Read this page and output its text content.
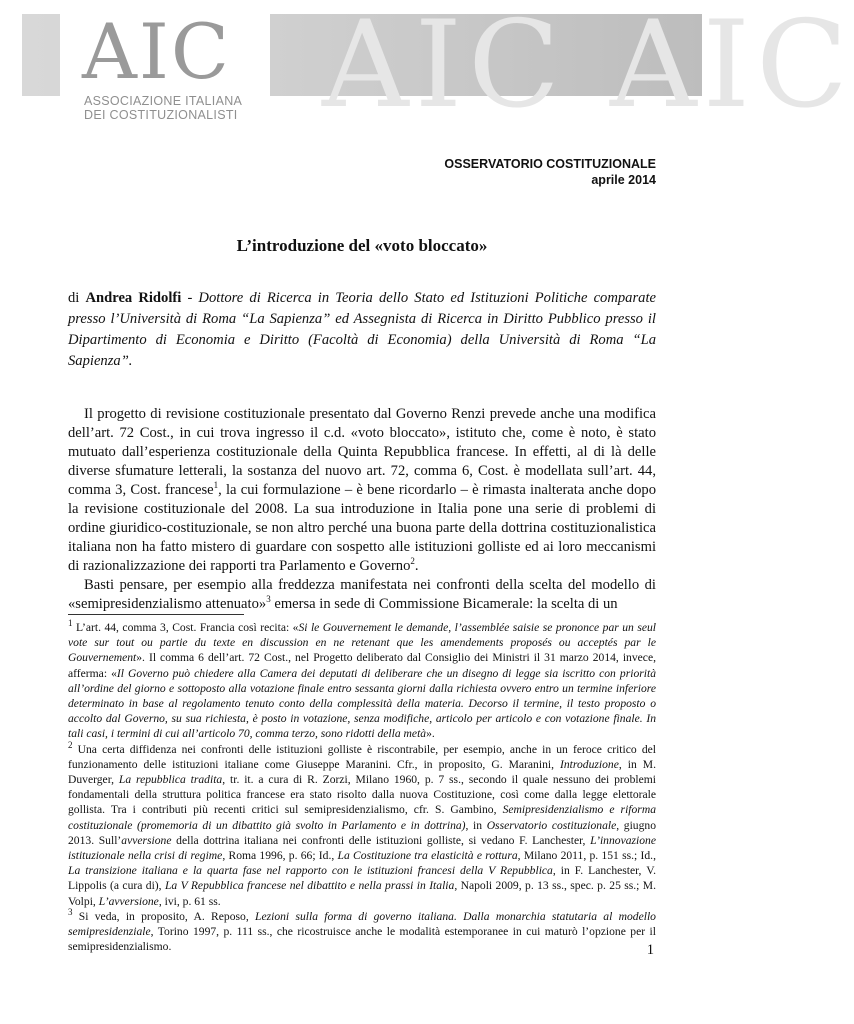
AIC AIC
AIC
ASSOCIAZIONE ITALIANA
DEI COSTITUZIONALISTI
OSSERVATORIO COSTITUZIONALE
aprile 2014
L’introduzione del «voto bloccato»
di Andrea Ridolfi - Dottore di Ricerca in Teoria dello Stato ed Istituzioni Politiche comparate presso l’Università di Roma “La Sapienza” ed Assegnista di Ricerca in Diritto Pubblico presso il Dipartimento di Economia e Diritto (Facoltà di Economia) della Università di Roma “La Sapienza”.

Il progetto di revisione costituzionale presentato dal Governo Renzi prevede anche una modifica dell’art. 72 Cost., in cui trova ingresso il c.d. «voto bloccato», istituto che, come è noto, è stato mutuato dall’esperienza costituzionale della Quinta Repubblica francese. In effetti, al di là delle diverse sfumature letterali, la sostanza del nuovo art. 72, comma 6, Cost. è modellata sull’art. 44, comma 3, Cost. francese$^1$, la cui formulazione – è bene ricordarlo – è rimasta inalterata anche dopo la revisione costituzionale del 2008. La sua introduzione in Italia pone una serie di problemi di ordine giuridico-costituzionale, se non altro perché una buona parte della dottrina costituzionalistica italiana non ha fatto mistero di guardare con sospetto alle istituzioni golliste ed ai loro meccanismi di razionalizzazione dei rapporti tra Parlamento e Governo$^2$.

Basti pensare, per esempio alla freddezza manifestata nei confronti della scelta del modello di «semipresidenzialismo attenuato»$^3$ emersa in sede di Commissione Bicamerale: la scelta di un

$^1$ L’art. 44, comma 3, Cost. Francia così recita: «Si le Gouvernement le demande, l’assemblée saisie se prononce par un seul vote sur tout ou partie du texte en discussion en ne retenant que les amendements proposés ou acceptés par le Gouvernement». Il comma 6 dell’art. 72 Cost., nel Progetto deliberato dal Consiglio dei Ministri il 31 marzo 2014, invece, afferma: «Il Governo può chiedere alla Camera dei deputati di deliberare che un disegno di legge sia iscritto con priorità all’ordine del giorno e sottoposto alla votazione finale entro sessanta giorni dalla richiesta ovvero entro un termine inferiore determinato in base al regolamento tenuto conto della complessità della materia. Decorso il termine, il testo proposto o accolto dal Governo, su sua richiesta, è posto in votazione, senza modifiche, articolo per articolo e con votazione finale. In tali casi, i termini di cui all’articolo 70, comma terzo, sono ridotti della metà».

$^2$ Una certa diffidenza nei confronti delle istituzioni golliste è riscontrabile, per esempio, anche in un feroce critico del funzionamento delle istituzioni italiane come Giuseppe Maranini. Cfr., in proposito, G. Maranini, Introduzione, in M. Duverger, La repubblica tradita, tr. it. a cura di R. Zorzi, Milano 1960, p. 7 ss., secondo il quale nessuno dei problemi fondamentali della struttura politica francese era stato risolto dalla nuova Costituzione, così come dalla legge elettorale gollista. Tra i contributi più recenti critici sul semipresidenzialismo, cfr. S. Gambino, Semipresidenzialismo e riforma costituzionale (promemoria di un dibattito già svolto in Parlamento e in dottrina), in Osservatorio costituzionale, giugno 2013. Sull’avversione della dottrina italiana nei confronti delle istituzioni golliste, si vedano F. Lanchester, L’innovazione istituzionale nella crisi di regime, Roma 1996, p. 66; Id., La Costituzione tra elasticità e rottura, Milano 2011, p. 151 ss.; Id., La transizione italiana e la quarta fase nel rapporto con le istituzioni francesi della V Repubblica, in F. Lanchester, V. Lippolis (a cura di), La V Repubblica francese nel dibattito e nella prassi in Italia, Napoli 2009, p. 13 ss., spec. p. 25 ss.; M. Volpi, L’avversione, ivi, p. 61 ss.

$^3$ Si veda, in proposito, A. Reposo, Lezioni sulla forma di governo italiana. Dalla monarchia statutaria al modello semipresidenziale, Torino 1997, p. 111 ss., che ricostruisce anche le modalità estemporanee in cui maturò l’opzione per il semipresidenzialismo.	1
